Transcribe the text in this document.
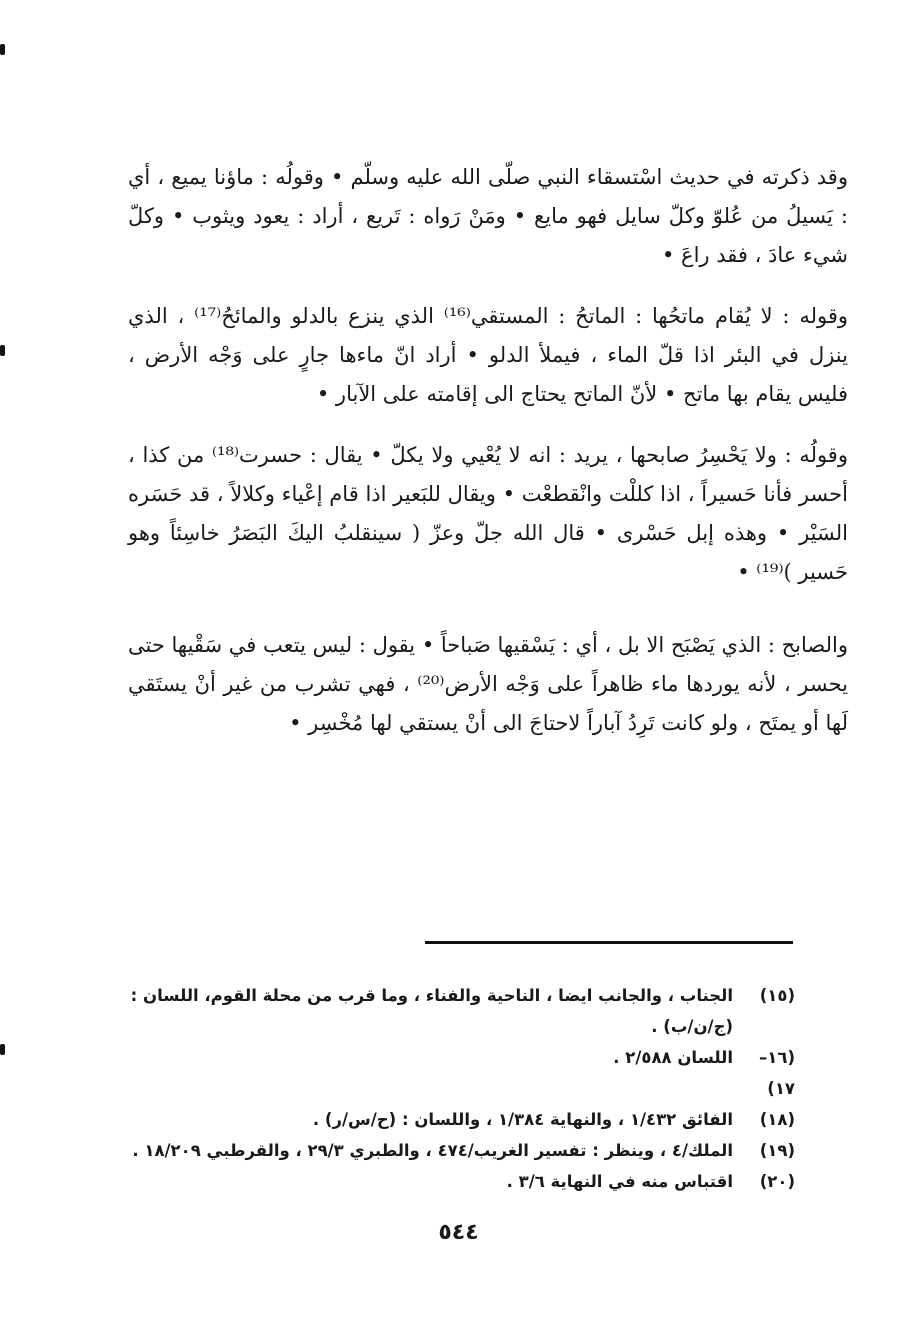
وقد ذكرته في حديث اسْتسقاء النبي صلّى الله عليه وسلّم • وقولُه : ماؤنا يميع ، أي : يَسيلُ من عُلوّ وكلّ سايل فهو مايع • ومَنْ رَواه : تَريع ، أراد : يعود ويثوب • وكلّ شيء عادَ ، فقد راعَ •

وقوله : لا يُقام ماتحُها : الماتحُ : المستقي⁽¹⁶⁾ الذي ينزع بالدلو والمائحُ⁽¹⁷⁾ ، الذي ينزل في البئر اذا قلّ الماء ، فيملأ الدلو • أراد انّ ماءها جارٍ على وَجْه الأرض ، فليس يقام بها ماتح • لأنّ الماتح يحتاج الى إقامته على الآبار •

وقولُه : ولا يَحْسِرُ صابحها ، يريد : انه لا يُعْيي ولا يكلّ • يقال : حسرت⁽¹⁸⁾ من كذا ، أحسر فأنا حَسيراً ، اذا كللْت وانْقطعْت • ويقال للبَعير اذا قام إعْياء وكلالاً ، قد حَسَره السَيْر • وهذه إبل حَسْرى • قال الله جلّ وعزّ ( سينقلبُ اليكَ البَصَرُ خاسِئاً وهو حَسير )⁽¹⁹⁾ •

والصابح : الذي يَصْبَح الا بل ، أي : يَسْقيها صَباحاً • يقول : ليس يتعب في سَقْيها حتى يحسر ، لأنه يوردها ماء ظاهراً على وَجْه الأرض⁽²⁰⁾ ، فهي تشرب من غير أنْ يستَقي لَها أو يمتَح ، ولو كانت تَرِدُ آباراً لاحتاجَ الى أنْ يستقي لها مُخْسِر •

(١٥)
الجناب ، والجانب ايضا ، الناحية والفناء ، وما قرب من محلة القوم، اللسان : (ج/ن/ب) .
(١٦–١٧)
اللسان ٢/٥٨٨ .
(١٨)
الفائق ١/٤٣٢ ، والنهاية ١/٣٨٤ ، واللسان : (ح/س/ر) .
(١٩)
الملك/٤ ، وينظر : تفسير الغريب/٤٧٤ ، والطبري ٢٩/٣ ، والقرطبي ١٨/٢٠٩ .
(٢٠)
اقتباس منه في النهاية ٣/٦ .
٥٤٤
